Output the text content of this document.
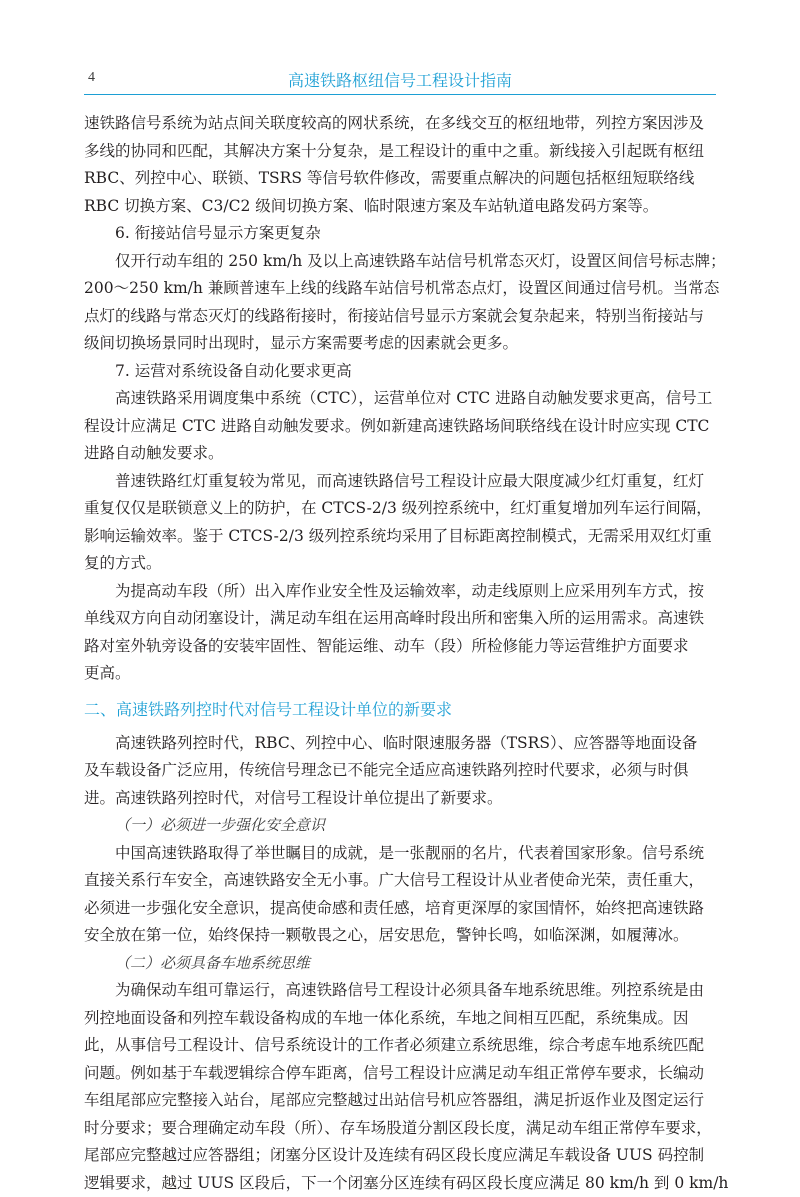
4	高速铁路枢纽信号工程设计指南
速铁路信号系统为站点间关联度较高的网状系统，在多线交互的枢纽地带，列控方案因涉及
多线的协同和匹配，其解决方案十分复杂，是工程设计的重中之重。新线接入引起既有枢纽
RBC、列控中心、联锁、TSRS 等信号软件修改，需要重点解决的问题包括枢纽短联络线
RBC 切换方案、C3/C2 级间切换方案、临时限速方案及车站轨道电路发码方案等。
6. 衔接站信号显示方案更复杂
仅开行动车组的 250 km/h 及以上高速铁路车站信号机常态灭灯，设置区间信号标志牌；
200～250 km/h 兼顾普速车上线的线路车站信号机常态点灯，设置区间通过信号机。当常态
点灯的线路与常态灭灯的线路衔接时，衔接站信号显示方案就会复杂起来，特别当衔接站与
级间切换场景同时出现时，显示方案需要考虑的因素就会更多。
7. 运营对系统设备自动化要求更高
高速铁路采用调度集中系统（CTC），运营单位对 CTC 进路自动触发要求更高，信号工
程设计应满足 CTC 进路自动触发要求。例如新建高速铁路场间联络线在设计时应实现 CTC
进路自动触发要求。
普速铁路红灯重复较为常见，而高速铁路信号工程设计应最大限度减少红灯重复，红灯
重复仅仅是联锁意义上的防护，在 CTCS-2/3 级列控系统中，红灯重复增加列车运行间隔，
影响运输效率。鉴于 CTCS-2/3 级列控系统均采用了目标距离控制模式，无需采用双红灯重
复的方式。
为提高动车段（所）出入库作业安全性及运输效率，动走线原则上应采用列车方式，按
单线双方向自动闭塞设计，满足动车组在运用高峰时段出所和密集入所的运用需求。高速铁
路对室外轨旁设备的安装牢固性、智能运维、动车（段）所检修能力等运营维护方面要求
更高。
二、高速铁路列控时代对信号工程设计单位的新要求
高速铁路列控时代，RBC、列控中心、临时限速服务器（TSRS）、应答器等地面设备
及车载设备广泛应用，传统信号理念已不能完全适应高速铁路列控时代要求，必须与时俱
进。高速铁路列控时代，对信号工程设计单位提出了新要求。
（一）必须进一步强化安全意识
中国高速铁路取得了举世瞩目的成就，是一张靓丽的名片，代表着国家形象。信号系统
直接关系行车安全，高速铁路安全无小事。广大信号工程设计从业者使命光荣，责任重大，
必须进一步强化安全意识，提高使命感和责任感，培育更深厚的家国情怀，始终把高速铁路
安全放在第一位，始终保持一颗敬畏之心，居安思危，警钟长鸣，如临深渊，如履薄冰。
（二）必须具备车地系统思维
为确保动车组可靠运行，高速铁路信号工程设计必须具备车地系统思维。列控系统是由
列控地面设备和列控车载设备构成的车地一体化系统，车地之间相互匹配，系统集成。因
此，从事信号工程设计、信号系统设计的工作者必须建立系统思维，综合考虑车地系统匹配
问题。例如基于车载逻辑综合停车距离，信号工程设计应满足动车组正常停车要求，长编动
车组尾部应完整接入站台，尾部应完整越过出站信号机应答器组，满足折返作业及图定运行
时分要求；要合理确定动车段（所）、存车场股道分割区段长度，满足动车组正常停车要求，
尾部应完整越过应答器组；闭塞分区设计及连续有码区段长度应满足车载设备 UUS 码控制
逻辑要求，越过 UUS 区段后，下一个闭塞分区连续有码区段长度应满足 80 km/h 到 0 km/h
